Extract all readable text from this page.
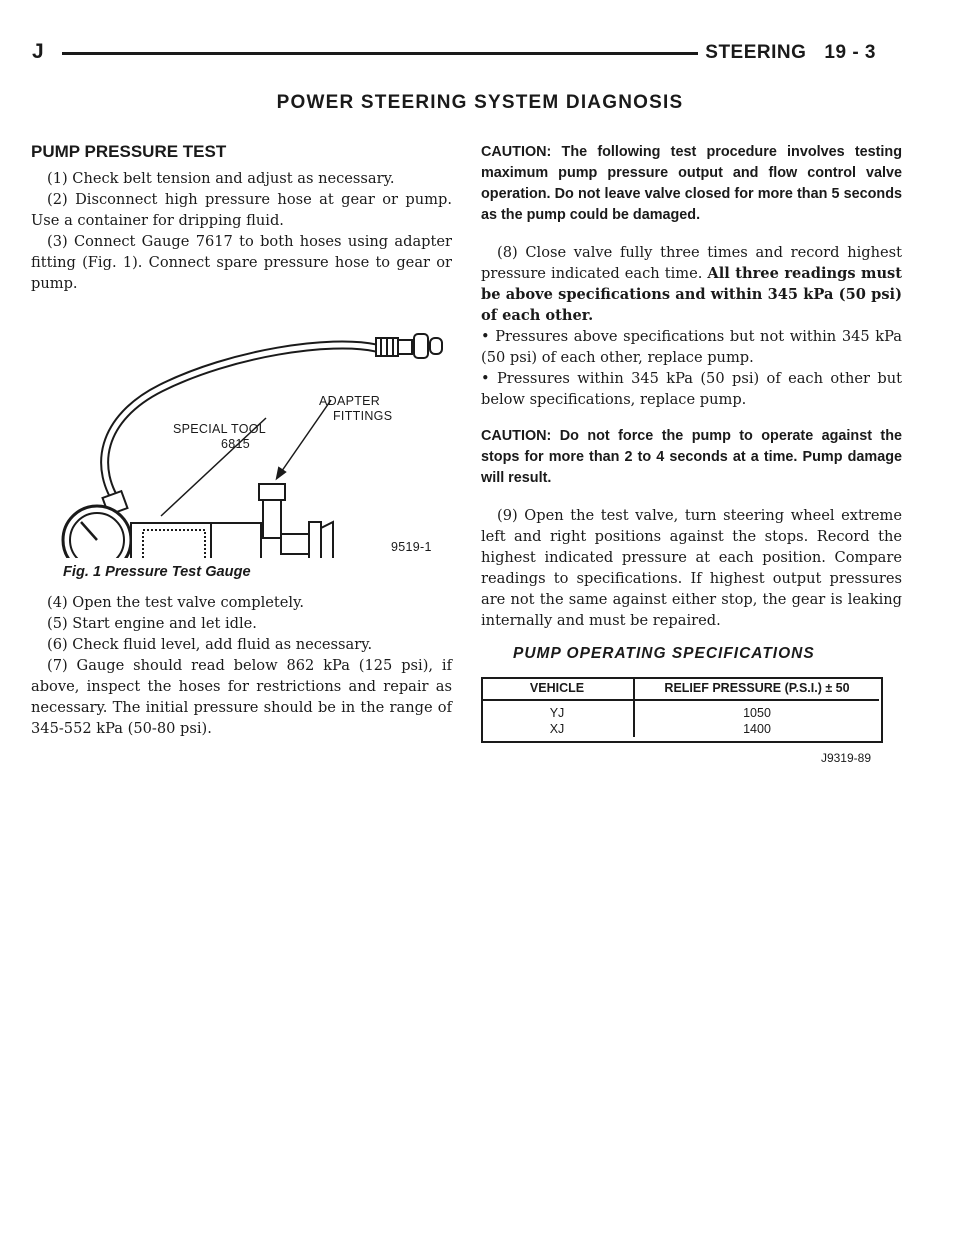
J	STEERING 19 - 3
POWER STEERING SYSTEM DIAGNOSIS
PUMP PRESSURE TEST

(1) Check belt tension and adjust as necessary.

(2) Disconnect high pressure hose at gear or pump. Use a container for dripping fluid.

(3) Connect Gauge 7617 to both hoses using adapter fitting (Fig. 1). Connect spare pressure hose to gear or pump.

SPECIAL TOOL
6815
ADAPTER
FITTINGS
9519-1
Fig. 1 Pressure Test Gauge

(4) Open the test valve completely.

(5) Start engine and let idle.

(6) Check fluid level, add fluid as necessary.

(7) Gauge should read below 862 kPa (125 psi), if above, inspect the hoses for restrictions and repair as necessary. The initial pressure should be in the range of 345-552 kPa (50-80 psi).

CAUTION: The following test procedure involves testing maximum pump pressure output and flow control valve operation. Do not leave valve closed for more than 5 seconds as the pump could be damaged.

(8) Close valve fully three times and record highest pressure indicated each time. All three readings must be above specifications and within 345 kPa (50 psi) of each other.

• Pressures above specifications but not within 345 kPa (50 psi) of each other, replace pump.

• Pressures within 345 kPa (50 psi) of each other but below specifications, replace pump.

CAUTION: Do not force the pump to operate against the stops for more than 2 to 4 seconds at a time. Pump damage will result.

(9) Open the test valve, turn steering wheel extreme left and right positions against the stops. Record the highest indicated pressure at each position. Compare readings to specifications. If highest output pressures are not the same against either stop, the gear is leaking internally and must be repaired.

PUMP OPERATING SPECIFICATIONS
VEHICLE	RELIEF PRESSURE (P.S.I.) ± 50
YJ	1050
XJ	1400
J9319-89
